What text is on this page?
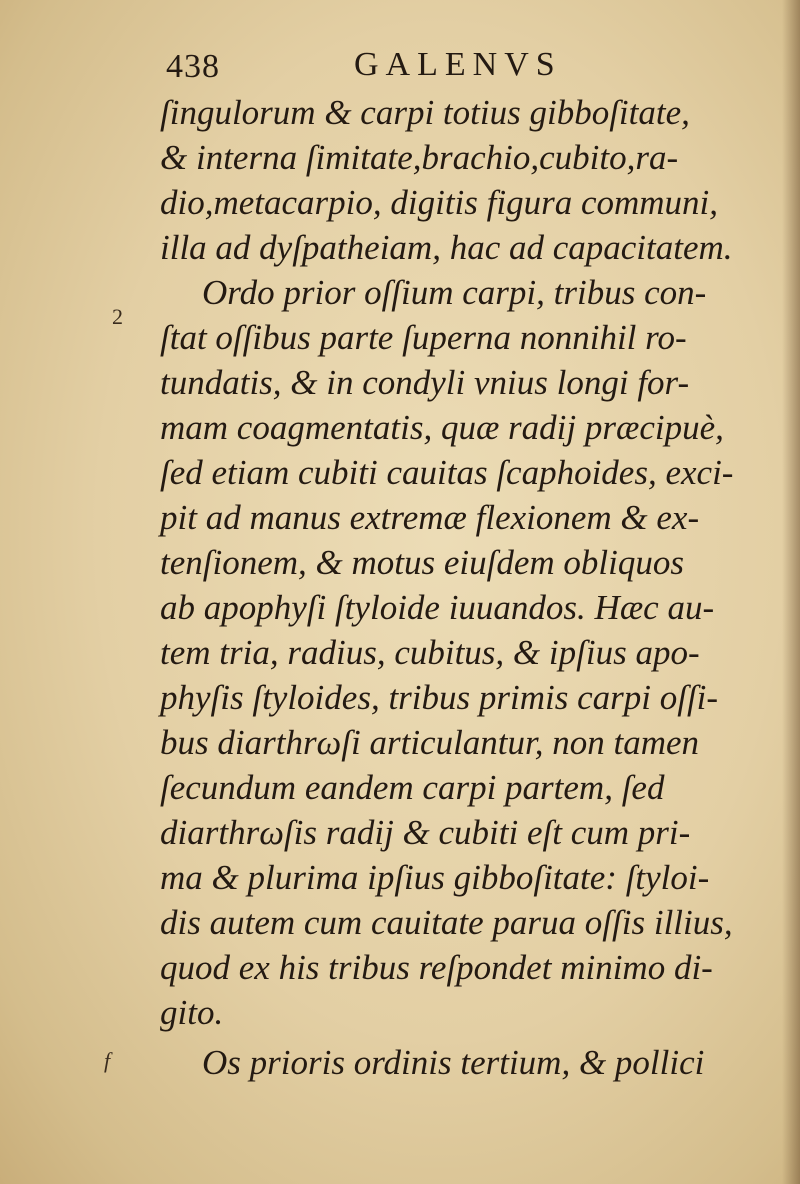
438	GALENVS
2
f
ſingulorum & carpi totius gibboſitate,
& interna ſimitate,brachio,cubito,ra-
dio,metacarpio, digitis figura communi,
illa ad dyſpatheiam, hac ad capacitatem.
Ordo prior oſſium carpi, tribus con-
ſtat oſſibus parte ſuperna nonnihil ro-
tundatis, & in condyli vnius longi for-
mam coagmentatis, quæ radij præcipuè,
ſed etiam cubiti cauitas ſcaphoides, exci-
pit ad manus extremæ flexionem & ex-
tenſionem, & motus eiuſdem obliquos
ab apophyſi ſtyloide iuuandos. Hæc au-
tem tria, radius, cubitus, & ipſius apo-
phyſis ſtyloides, tribus primis carpi oſſi-
bus diarthrωſi articulantur, non tamen
ſecundum eandem carpi partem, ſed
diarthrωſis radij & cubiti eſt cum pri-
ma & plurima ipſius gibboſitate: ſtyloi-
dis autem cum cauitate parua oſſis illius,
quod ex his tribus reſpondet minimo di-
gito.
Os prioris ordinis tertium, & pollici
